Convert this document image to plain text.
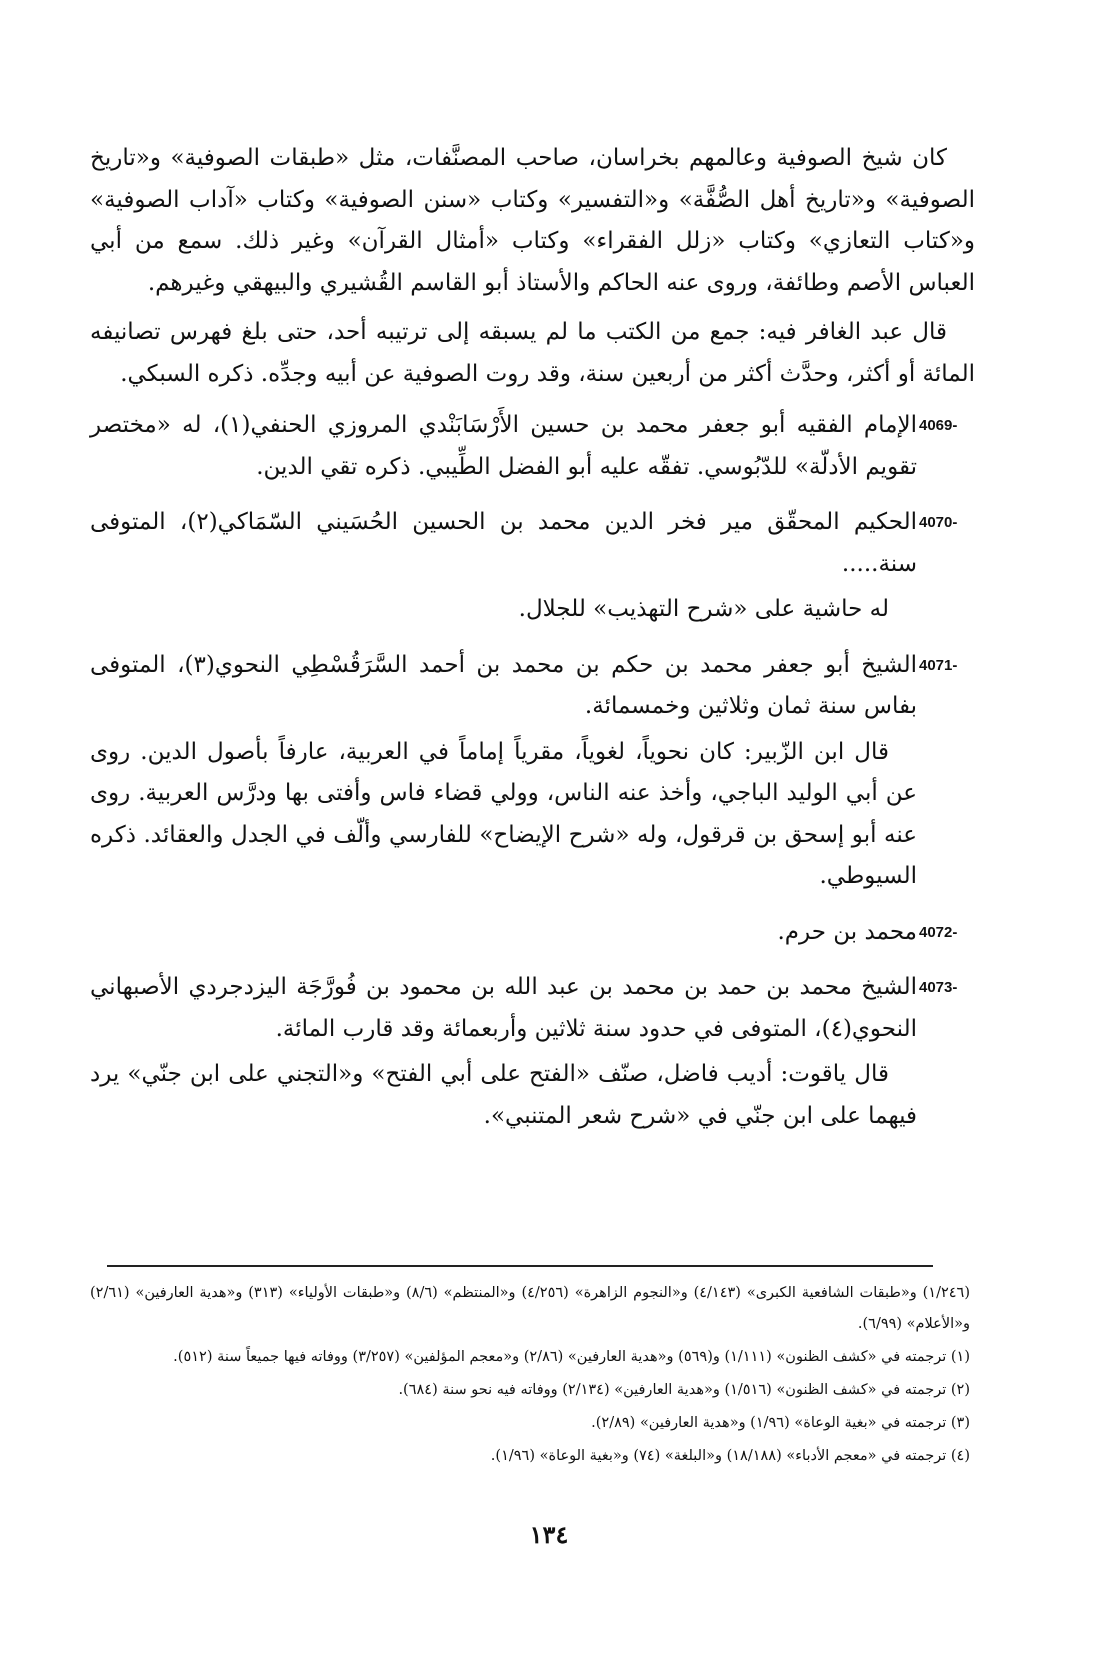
كان شيخ الصوفية وعالمهم بخراسان، صاحب المصنَّفات، مثل «طبقات الصوفية» و«تاريخ الصوفية» و«تاريخ أهل الصُّفَّة» و«التفسير» وكتاب «سنن الصوفية» وكتاب «آداب الصوفية» و«كتاب التعازي» وكتاب «زلل الفقراء» وكتاب «أمثال القرآن» وغير ذلك. سمع من أبي العباس الأصم وطائفة، وروى عنه الحاكم والأستاذ أبو القاسم القُشيري والبيهقي وغيرهم.

قال عبد الغافر فيه: جمع من الكتب ما لم يسبقه إلى ترتيبه أحد، حتى بلغ فهرس تصانيفه المائة أو أكثر، وحدَّث أكثر من أربعين سنة، وقد روت الصوفية عن أبيه وجدِّه. ذكره السبكي.

4069-

الإمام الفقيه أبو جعفر محمد بن حسين الأَرْسَابَنْدي المروزي الحنفي(١)، له «مختصر تقويم الأدلّة» للدّبُوسي. تفقّه عليه أبو الفضل الطِّيبي. ذكره تقي الدين.

4070-

الحكيم المحقّق مير فخر الدين محمد بن الحسين الحُسَيني السّمَاكي(٢)، المتوفى سنة.....

له حاشية على «شرح التهذيب» للجلال.

4071-

الشيخ أبو جعفر محمد بن حكم بن محمد بن أحمد السَّرَقُسْطِي النحوي(٣)، المتوفى بفاس سنة ثمان وثلاثين وخمسمائة.

قال ابن الزّبير: كان نحوياً، لغوياً، مقرياً إماماً في العربية، عارفاً بأصول الدين. روى عن أبي الوليد الباجي، وأخذ عنه الناس، وولي قضاء فاس وأفتى بها ودرَّس العربية. روى عنه أبو إسحق بن قرقول، وله «شرح الإيضاح» للفارسي وألّف في الجدل والعقائد. ذكره السيوطي.

4072-

محمد بن حرم.

4073-

الشيخ محمد بن حمد بن محمد بن عبد الله بن محمود بن فُورَّجَة اليزدجردي الأصبهاني النحوي(٤)، المتوفى في حدود سنة ثلاثين وأربعمائة وقد قارب المائة.

قال ياقوت: أديب فاضل، صنّف «الفتح على أبي الفتح» و«التجني على ابن جنّي» يرد فيهما على ابن جنّي في «شرح شعر المتنبي».

(١/٢٤٦) و«طبقات الشافعية الكبرى» (٤/١٤٣) و«النجوم الزاهرة» (٤/٢٥٦) و«المنتظم» (٨/٦) و«طبقات الأولياء» (٣١٣) و«هدية العارفين» (٢/٦١) و«الأعلام» (٦/٩٩).

(١) ترجمته في «كشف الظنون» (١/١١١) و(٥٦٩) و«هدية العارفين» (٢/٨٦) و«معجم المؤلفين» (٣/٢٥٧) ووفاته فيها جميعاً سنة (٥١٢).

(٢) ترجمته في «كشف الظنون» (١/٥١٦) و«هدية العارفين» (٢/١٣٤) ووفاته فيه نحو سنة (٦٨٤).

(٣) ترجمته في «بغية الوعاة» (١/٩٦) و«هدية العارفين» (٢/٨٩).

(٤) ترجمته في «معجم الأدباء» (١٨/١٨٨) و«البلغة» (٧٤) و«بغية الوعاة» (١/٩٦).

١٣٤
